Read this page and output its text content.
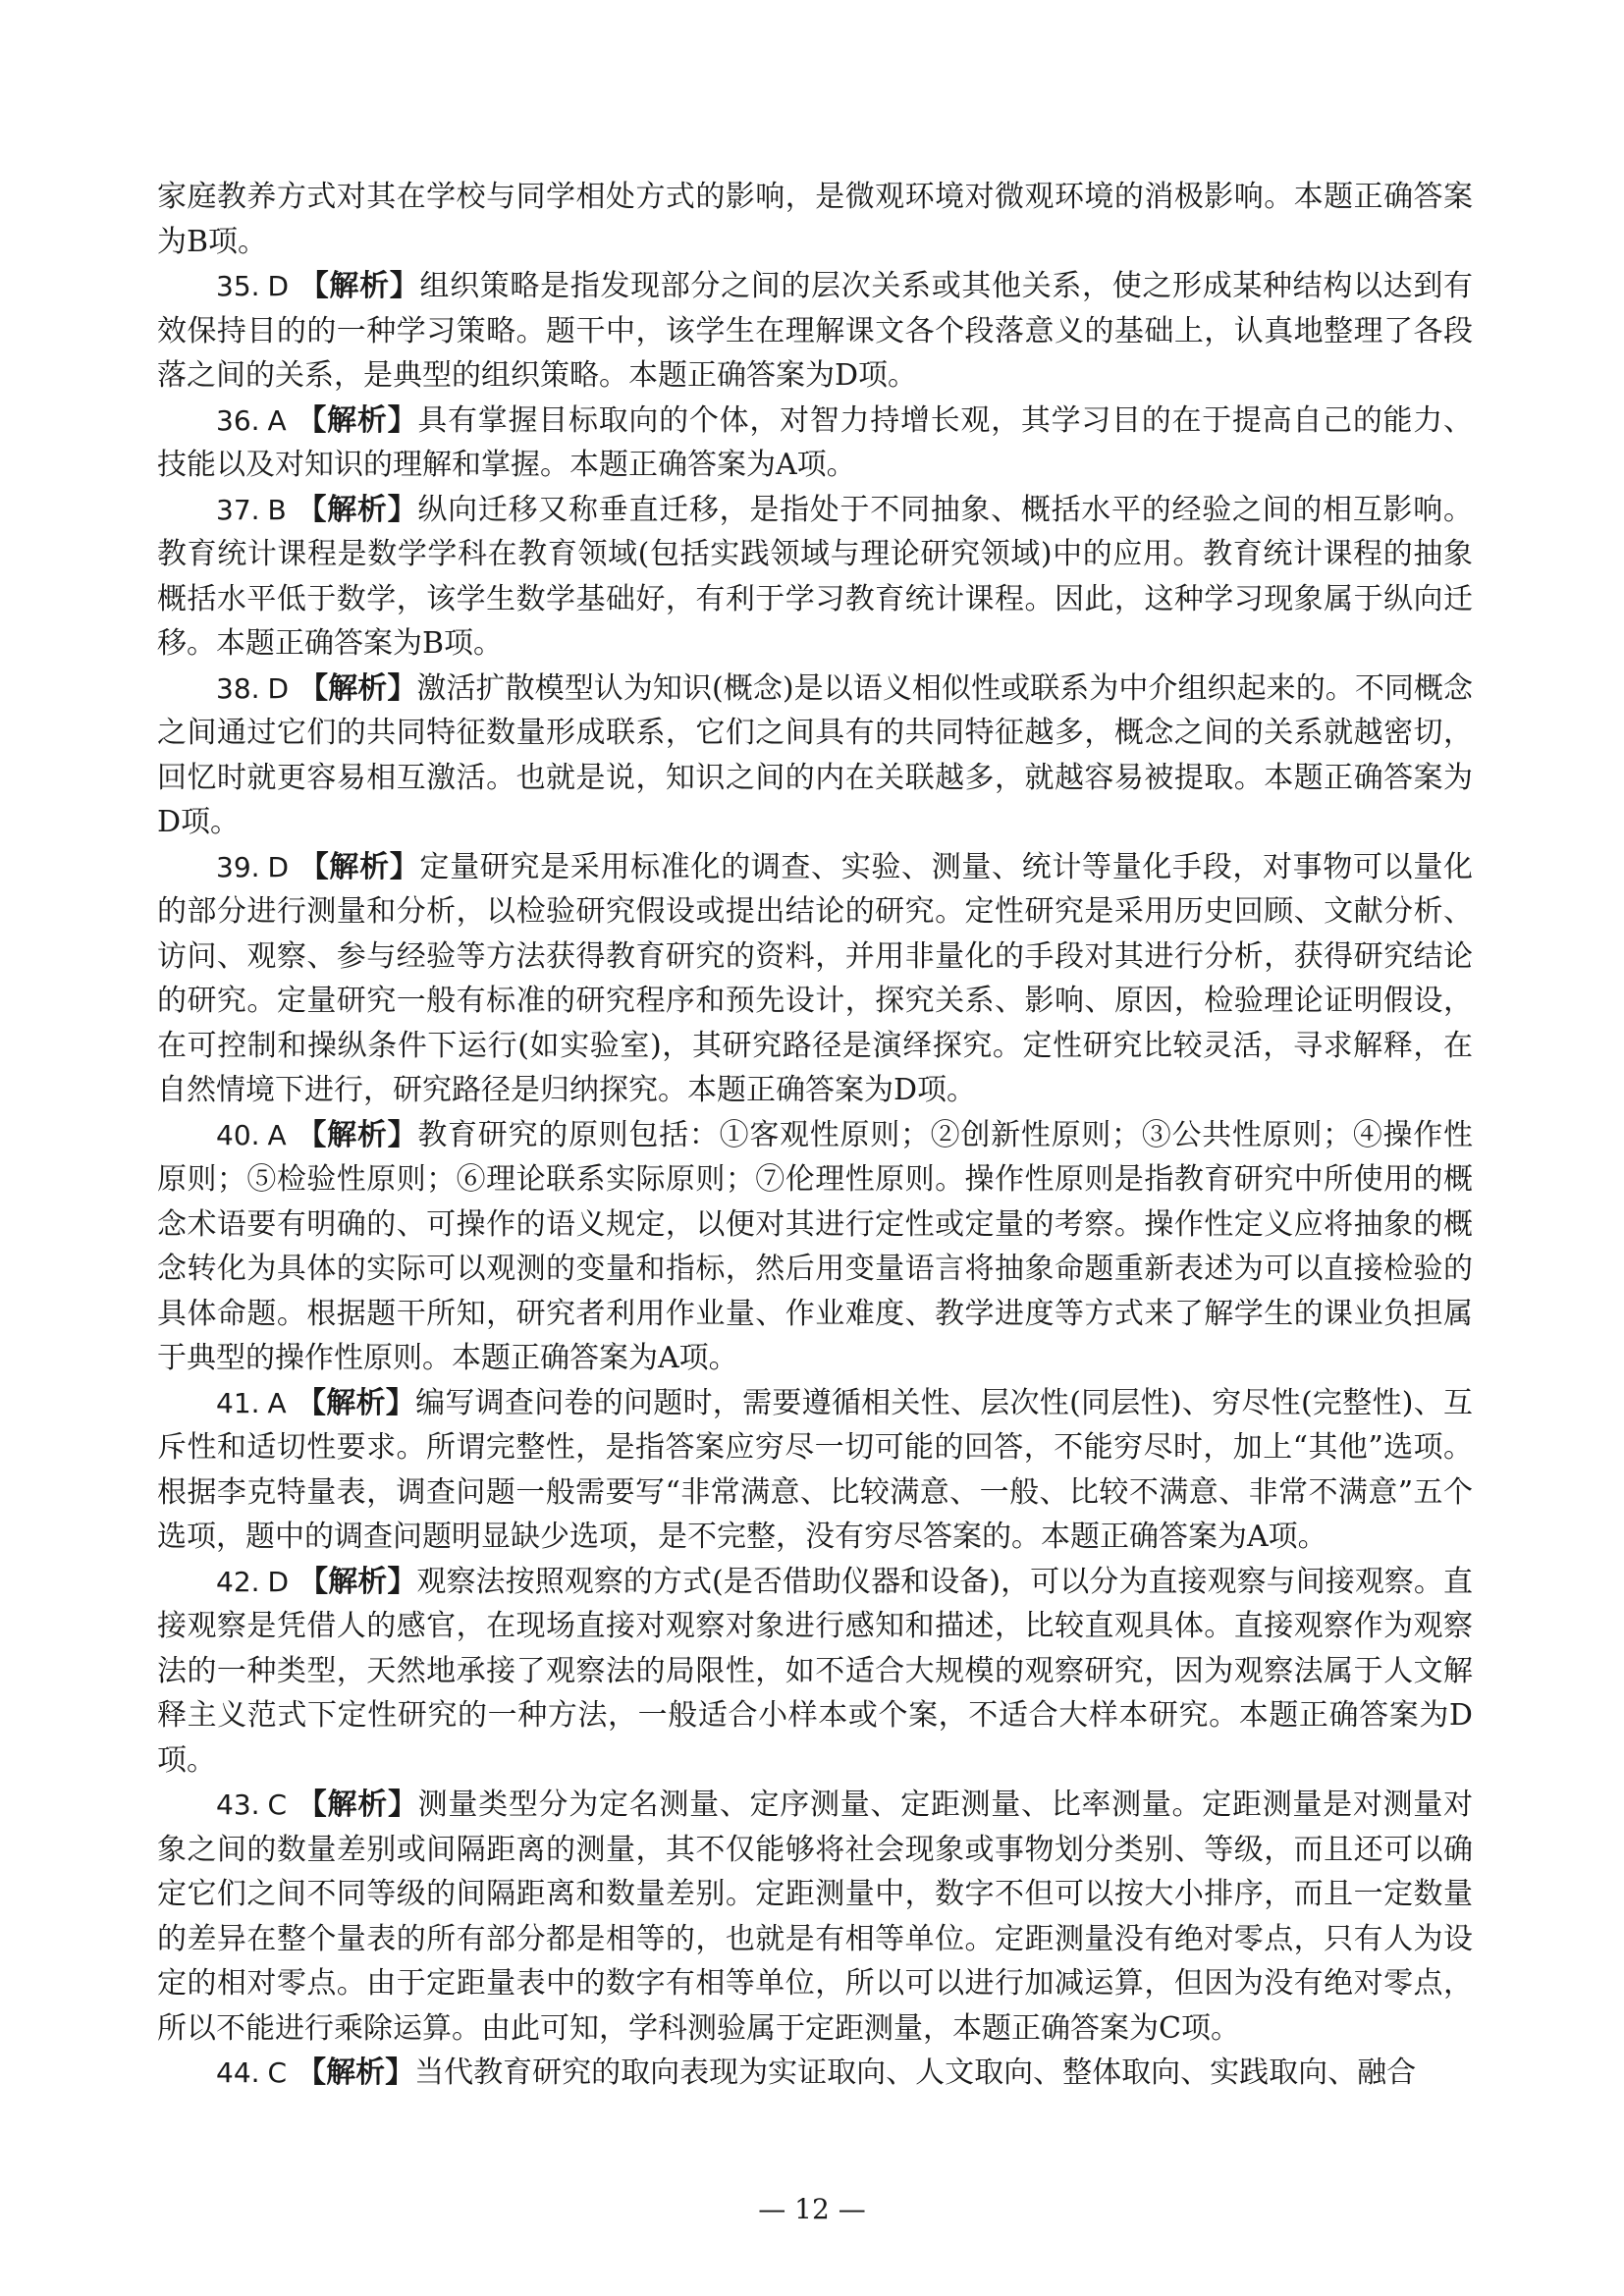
家庭教养方式对其在学校与同学相处方式的影响，是微观环境对微观环境的消极影响。本题正确答案为B项。

35. D 【解析】组织策略是指发现部分之间的层次关系或其他关系，使之形成某种结构以达到有效保持目的的一种学习策略。题干中，该学生在理解课文各个段落意义的基础上，认真地整理了各段落之间的关系，是典型的组织策略。本题正确答案为D项。

36. A 【解析】具有掌握目标取向的个体，对智力持增长观，其学习目的在于提高自己的能力、技能以及对知识的理解和掌握。本题正确答案为A项。

37. B 【解析】纵向迁移又称垂直迁移，是指处于不同抽象、概括水平的经验之间的相互影响。教育统计课程是数学学科在教育领域(包括实践领域与理论研究领域)中的应用。教育统计课程的抽象概括水平低于数学，该学生数学基础好，有利于学习教育统计课程。因此，这种学习现象属于纵向迁移。本题正确答案为B项。

38. D 【解析】激活扩散模型认为知识(概念)是以语义相似性或联系为中介组织起来的。不同概念之间通过它们的共同特征数量形成联系，它们之间具有的共同特征越多，概念之间的关系就越密切，回忆时就更容易相互激活。也就是说，知识之间的内在关联越多，就越容易被提取。本题正确答案为D项。

39. D 【解析】定量研究是采用标准化的调查、实验、测量、统计等量化手段，对事物可以量化的部分进行测量和分析，以检验研究假设或提出结论的研究。定性研究是采用历史回顾、文献分析、访问、观察、参与经验等方法获得教育研究的资料，并用非量化的手段对其进行分析，获得研究结论的研究。定量研究一般有标准的研究程序和预先设计，探究关系、影响、原因，检验理论证明假设，在可控制和操纵条件下运行(如实验室)，其研究路径是演绎探究。定性研究比较灵活，寻求解释，在自然情境下进行，研究路径是归纳探究。本题正确答案为D项。

40. A 【解析】教育研究的原则包括：①客观性原则；②创新性原则；③公共性原则；④操作性原则；⑤检验性原则；⑥理论联系实际原则；⑦伦理性原则。操作性原则是指教育研究中所使用的概念术语要有明确的、可操作的语义规定，以便对其进行定性或定量的考察。操作性定义应将抽象的概念转化为具体的实际可以观测的变量和指标，然后用变量语言将抽象命题重新表述为可以直接检验的具体命题。根据题干所知，研究者利用作业量、作业难度、教学进度等方式来了解学生的课业负担属于典型的操作性原则。本题正确答案为A项。

41. A 【解析】编写调查问卷的问题时，需要遵循相关性、层次性(同层性)、穷尽性(完整性)、互斥性和适切性要求。所谓完整性，是指答案应穷尽一切可能的回答，不能穷尽时，加上“其他”选项。根据李克特量表，调查问题一般需要写“非常满意、比较满意、一般、比较不满意、非常不满意”五个选项，题中的调查问题明显缺少选项，是不完整，没有穷尽答案的。本题正确答案为A项。

42. D 【解析】观察法按照观察的方式(是否借助仪器和设备)，可以分为直接观察与间接观察。直接观察是凭借人的感官，在现场直接对观察对象进行感知和描述，比较直观具体。直接观察作为观察法的一种类型，天然地承接了观察法的局限性，如不适合大规模的观察研究，因为观察法属于人文解释主义范式下定性研究的一种方法，一般适合小样本或个案，不适合大样本研究。本题正确答案为D项。

43. C 【解析】测量类型分为定名测量、定序测量、定距测量、比率测量。定距测量是对测量对象之间的数量差别或间隔距离的测量，其不仅能够将社会现象或事物划分类别、等级，而且还可以确定它们之间不同等级的间隔距离和数量差别。定距测量中，数字不但可以按大小排序，而且一定数量的差异在整个量表的所有部分都是相等的，也就是有相等单位。定距测量没有绝对零点，只有人为设定的相对零点。由于定距量表中的数字有相等单位，所以可以进行加减运算，但因为没有绝对零点，所以不能进行乘除运算。由此可知，学科测验属于定距测量，本题正确答案为C项。

44. C 【解析】当代教育研究的取向表现为实证取向、人文取向、整体取向、实践取向、融合

— 12 —
